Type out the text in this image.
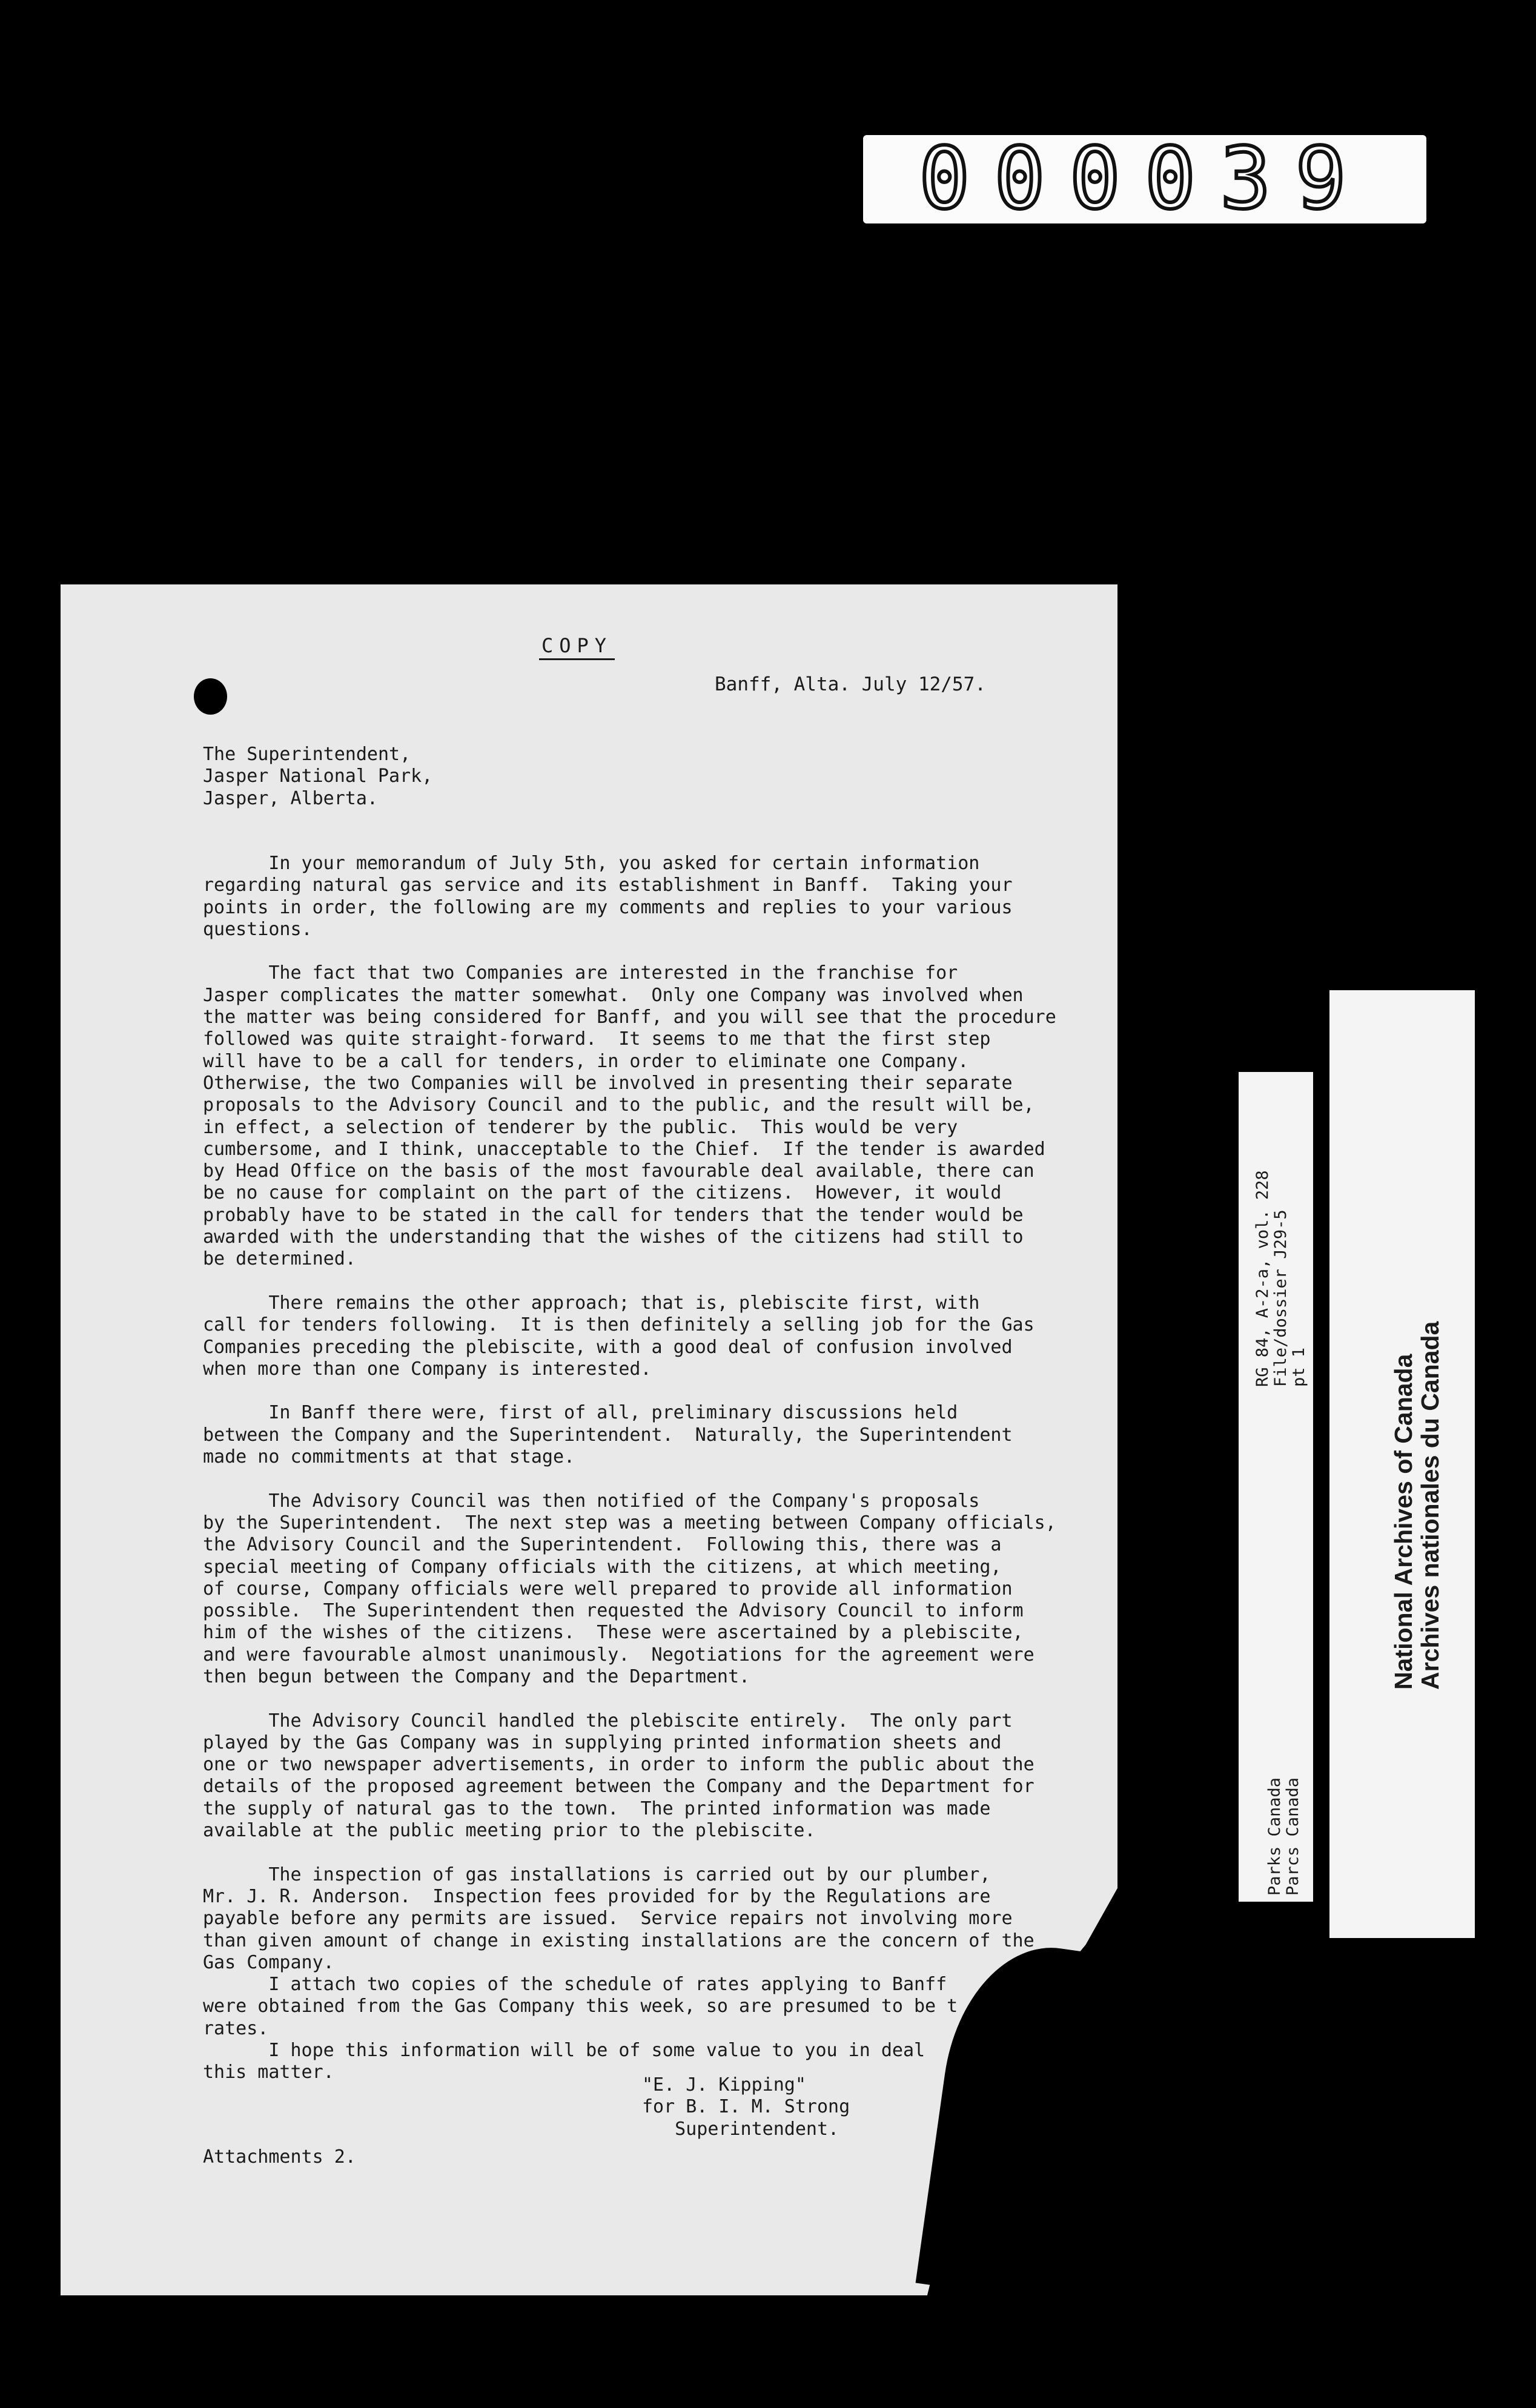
000039
COPY
Banff, Alta. July 12/57.
The Superintendent,
Jasper National Park,
Jasper, Alberta.
In your memorandum of July 5th, you asked for certain information
regarding natural gas service and its establishment in Banff.  Taking your
points in order, the following are my comments and replies to your various
questions.

The fact that two Companies are interested in the franchise for
Jasper complicates the matter somewhat.  Only one Company was involved when
the matter was being considered for Banff, and you will see that the procedure
followed was quite straight-forward.  It seems to me that the first step
will have to be a call for tenders, in order to eliminate one Company.
Otherwise, the two Companies will be involved in presenting their separate
proposals to the Advisory Council and to the public, and the result will be,
in effect, a selection of tenderer by the public.  This would be very
cumbersome, and I think, unacceptable to the Chief.  If the tender is awarded
by Head Office on the basis of the most favourable deal available, there can
be no cause for complaint on the part of the citizens.  However, it would
probably have to be stated in the call for tenders that the tender would be
awarded with the understanding that the wishes of the citizens had still to
be determined.

There remains the other approach; that is, plebiscite first, with
call for tenders following.  It is then definitely a selling job for the Gas
Companies preceding the plebiscite, with a good deal of confusion involved
when more than one Company is interested.

In Banff there were, first of all, preliminary discussions held
between the Company and the Superintendent.  Naturally, the Superintendent
made no commitments at that stage.

The Advisory Council was then notified of the Company's proposals
by the Superintendent.  The next step was a meeting between Company officials,
the Advisory Council and the Superintendent.  Following this, there was a
special meeting of Company officials with the citizens, at which meeting,
of course, Company officials were well prepared to provide all information
possible.  The Superintendent then requested the Advisory Council to inform
him of the wishes of the citizens.  These were ascertained by a plebiscite,
and were favourable almost unanimously.  Negotiations for the agreement were
then begun between the Company and the Department.

The Advisory Council handled the plebiscite entirely.  The only part
played by the Gas Company was in supplying printed information sheets and
one or two newspaper advertisements, in order to inform the public about the
details of the proposed agreement between the Company and the Department for
the supply of natural gas to the town.  The printed information was made
available at the public meeting prior to the plebiscite.

The inspection of gas installations is carried out by our plumber,
Mr. J. R. Anderson.  Inspection fees provided for by the Regulations are
payable before any permits are issued.  Service repairs not involving more
than given amount of change in existing installations are the concern of the
Gas Company.
I attach two copies of the schedule of rates applying to Banff
were obtained from the Gas Company this week, so are presumed to be t
rates.
I hope this information will be of some value to you in deal
this matter.
"E. J. Kipping"
for B. I. M. Strong
Superintendent.
Attachments 2.
RG 84, A-2-a, vol. 228 File/dossier J29-5 pt 1
Parks Canada Parcs Canada
National Archives of Canada
Archives nationales du Canada
